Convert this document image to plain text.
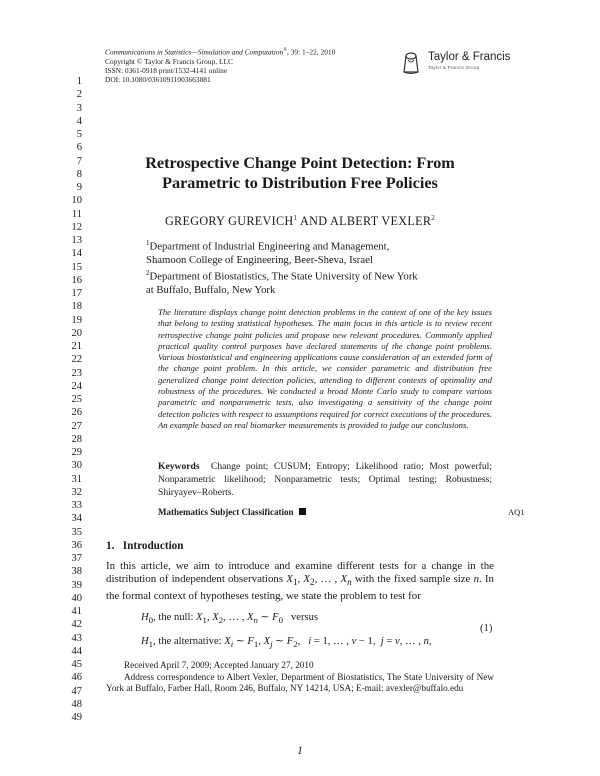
Communications in Statistics—Simulation and Computation®, 39: 1–22, 2010
Copyright © Taylor & Francis Group, LLC
ISSN: 0361-0918 print/1532-4141 online
DOI: 10.1080/03610911003663881
Taylor & Francis
Taylor & Francis Group
1
2
3
4
5
6
7
8
9
10
11
12
13
14
15
16
17
18
19
20
21
22
23
24
25
26
27
28
29
30
31
32
33
34
35
36
37
38
39
40
41
42
43
44
45
46
47
48
49
Retrospective Change Point Detection: From
Parametric to Distribution Free Policies
GREGORY GUREVICH$^1$ AND ALBERT VEXLER$^2$
$^1$Department of Industrial Engineering and Management,
Shamoon College of Engineering, Beer-Sheva, Israel
$^2$Department of Biostatistics, The State University of New York
at Buffalo, Buffalo, New York
The literature displays change point detection problems in the context of one of the key issues that belong to testing statistical hypotheses. The main focus in this article is to review recent retrospective change point policies and propose new relevant procedures. Commonly applied practical quality control purposes have declared statements of the change point problems. Various biostatistical and engineering applications cause consideration of an extended form of the change point problem. In this article, we consider parametric and distribution free generalized change point detection policies, attending to different contexts of optimality and robustness of the procedures. We conducted a broad Monte Carlo study to compare various parametric and nonparametric tests, also investigating a sensitivity of the change point detection policies with respect to assumptions required for correct executions of the procedures. An example based on real biomarker measurements is provided to judge our conclusions.
Keywords Change point; CUSUM; Entropy; Likelihood ratio; Most powerful; Nonparametric likelihood; Nonparametric tests; Optimal testing; Robustness; Shiryayev–Roberts.
Mathematics Subject Classification	AQ1
1. Introduction
In this article, we aim to introduce and examine different tests for a change in the distribution of independent observations $X_1$, $X_2$, … , $X_n$ with the fixed sample size n. In the formal context of hypotheses testing, we state the problem to test for
$H_0$, the null: $X_1$, $X_2$, … , $X_n$ ∼ $F_0$ versus
$H_1$, the alternative: $X_i$ ∼ $F_1$, $X_j$ ∼ $F_2$,   i = 1, … , ν − 1,  j = ν, … , n,
(1)
Received April 7, 2009; Accepted January 27, 2010
Address correspondence to Albert Vexler, Department of Biostatistics, The State University of New York at Buffalo, Farber Hall, Room 246, Buffalo, NY 14214, USA; E-mail: avexler@buffalo.edu
1
